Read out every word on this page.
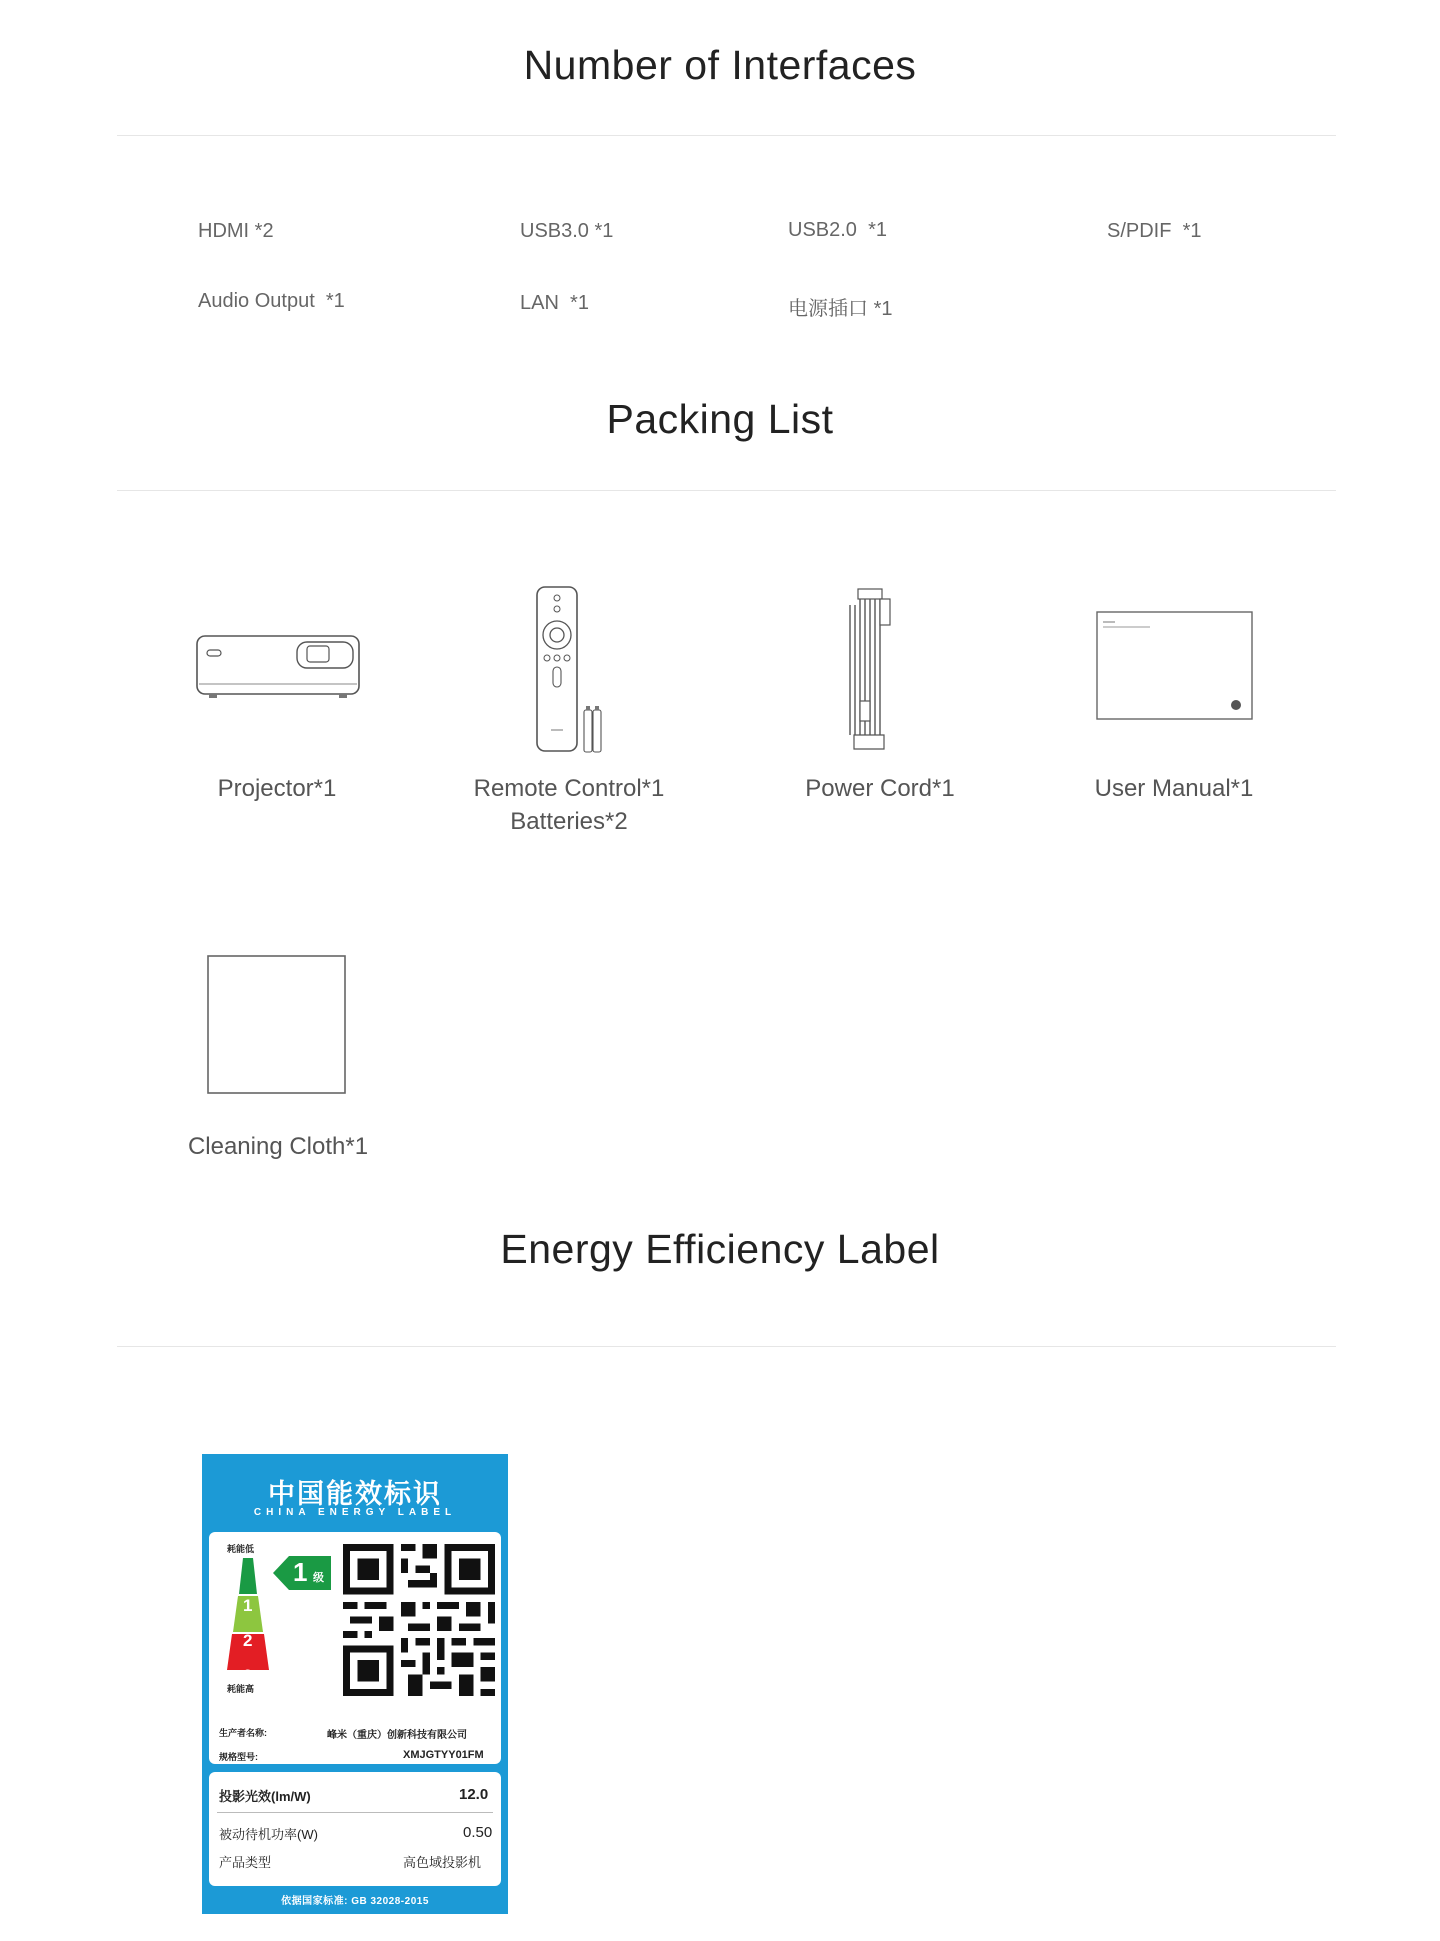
Number of Interfaces
HDMI *2	USB3.0 *1	USB2.0 *1	S/PDIF *1
Audio Output *1	LAN *1	电源插口 *1
Packing List
Projector*1	Remote Control*1
Batteries*2
Power Cord*1	User Manual*1
Cleaning Cloth*1
Energy Efficiency Label
中国能效标识
CHINA ENERGY LABEL
耗能低
1
2
3
耗能高
1 级
生产者名称:	峰米（重庆）创新科技有限公司
规格型号:	XMJGTYY01FM
投影光效(lm/W)	12.0
被动待机功率(W)	0.50
产品类型	高色域投影机
依据国家标准: GB 32028-2015
